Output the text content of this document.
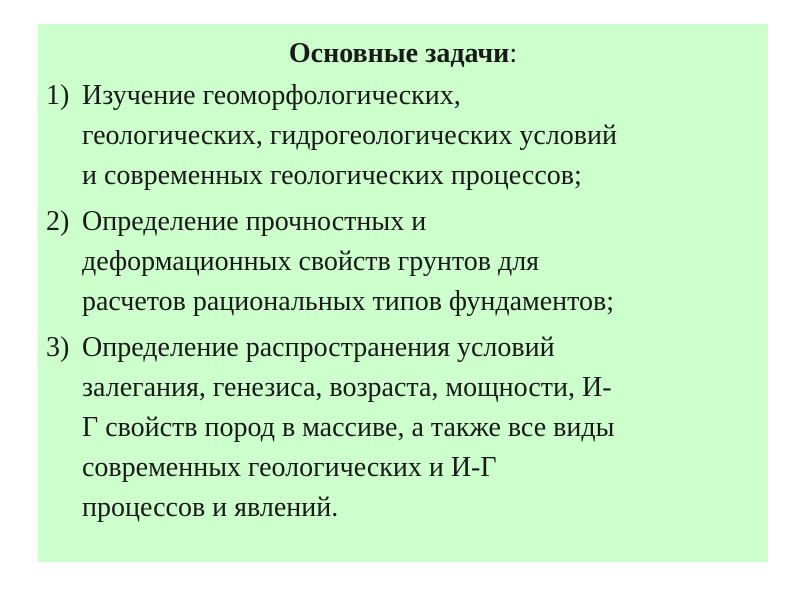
Основные задачи:
1) Изучение геоморфологических,
геологических, гидрогеологических условий
и современных геологических процессов;
2) Определение прочностных и
деформационных свойств грунтов для
расчетов рациональных типов фундаментов;
3) Определение распространения условий
залегания, генезиса, возраста, мощности, И-
Г свойств пород в массиве, а также все виды
современных геологических и И-Г
процессов и явлений.
